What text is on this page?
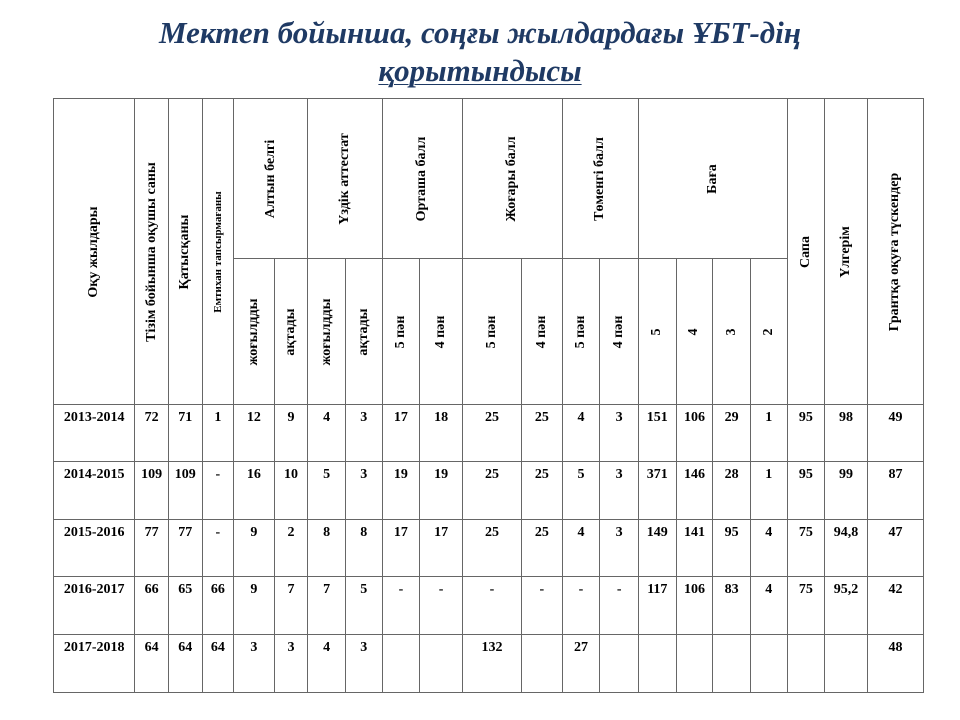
Мектеп бойынша, соңғы жылдардағы ҰБТ-дің
қорытындысы
Оқу жылдары	Тізім бойынша оқушы саны	Қатысқаны	Емтихан тапсырмағаны	Алтын белгі		Үздік аттестат		Орташа балл		Жоғары балл		Төменгі балл		Баға				Сапа	Үлгерім	Грантқа оқуға түскендер

				жоғылдды	ақтады	жоғылдды	ақтады	5 пән	4 пән	5 пән	4 пән	5 пән	4 пән	5	4	3	2			

2013-2014	72	71	1	12	9	4	3	17	18	25	25	4	3	151	106	29	1	95	98	49
2014-2015	109	109	-	16	10	5	3	19	19	25	25	5	3	371	146	28	1	95	99	87
2015-2016	77	77	-	9	2	8	8	17	17	25	25	4	3	149	141	95	4	75	94,8	47
2016-2017	66	65	66	9	7	7	5	-	-	-	-	-	-	117	106	83	4	75	95,2	42
2017-2018	64	64	64	3	3	4	3			132		27								48
